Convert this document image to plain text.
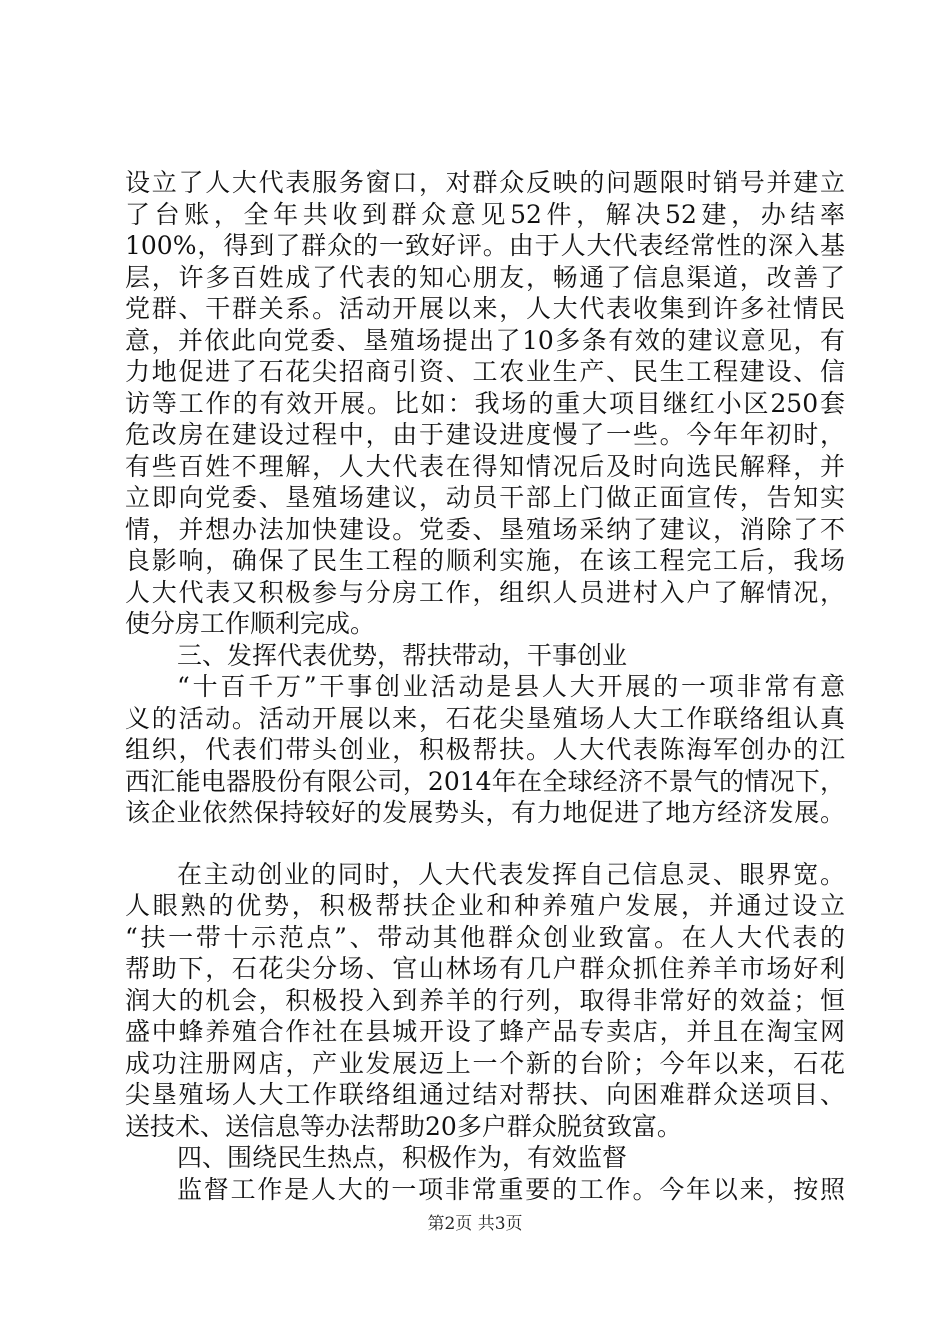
设立了人大代表服务窗口，对群众反映的问题限时销号并建立
了台账，全年共收到群众意见52件，解决52建，办结率
100%，得到了群众的一致好评。由于人大代表经常性的深入基
层，许多百姓成了代表的知心朋友，畅通了信息渠道，改善了
党群、干群关系。活动开展以来，人大代表收集到许多社情民
意，并依此向党委、垦殖场提出了10多条有效的建议意见，有
力地促进了石花尖招商引资、工农业生产、民生工程建设、信
访等工作的有效开展。比如：我场的重大项目继红小区250套
危改房在建设过程中，由于建设进度慢了一些。今年年初时，
有些百姓不理解，人大代表在得知情况后及时向选民解释，并
立即向党委、垦殖场建议，动员干部上门做正面宣传，告知实
情，并想办法加快建设。党委、垦殖场采纳了建议，消除了不
良影响，确保了民生工程的顺利实施，在该工程完工后，我场
人大代表又积极参与分房工作，组织人员进村入户了解情况，
使分房工作顺利完成。
三、发挥代表优势，帮扶带动，干事创业
“十百千万”干事创业活动是县人大开展的一项非常有意
义的活动。活动开展以来，石花尖垦殖场人大工作联络组认真
组织，代表们带头创业，积极帮扶。人大代表陈海军创办的江
西汇能电器股份有限公司，2014年在全球经济不景气的情况下，
该企业依然保持较好的发展势头，有力地促进了地方经济发展。
在主动创业的同时，人大代表发挥自己信息灵、眼界宽。
人眼熟的优势，积极帮扶企业和种养殖户发展，并通过设立
“扶一带十示范点”、带动其他群众创业致富。在人大代表的
帮助下，石花尖分场、官山林场有几户群众抓住养羊市场好利
润大的机会，积极投入到养羊的行列，取得非常好的效益；恒
盛中蜂养殖合作社在县城开设了蜂产品专卖店，并且在淘宝网
成功注册网店，产业发展迈上一个新的台阶；今年以来，石花
尖垦殖场人大工作联络组通过结对帮扶、向困难群众送项目、
送技术、送信息等办法帮助20多户群众脱贫致富。
四、围绕民生热点，积极作为，有效监督
监督工作是人大的一项非常重要的工作。今年以来，按照
第2页 共3页
